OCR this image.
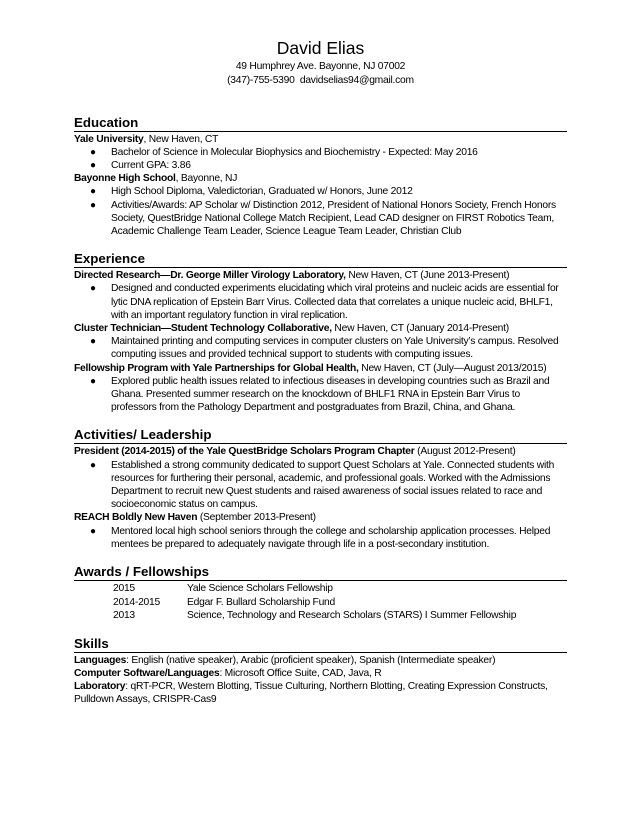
David Elias
49 Humphrey Ave. Bayonne, NJ 07002
(347)-755-5390 davidselias94@gmail.com
Education
Yale University, New Haven, CT
● Bachelor of Science in Molecular Biophysics and Biochemistry - Expected: May 2016
● Current GPA: 3.86
Bayonne High School, Bayonne, NJ
● High School Diploma, Valedictorian, Graduated w/ Honors, June 2012
● Activities/Awards: AP Scholar w/ Distinction 2012, President of National Honors Society, French Honors Society, QuestBridge National College Match Recipient, Lead CAD designer on FIRST Robotics Team, Academic Challenge Team Leader, Science League Team Leader, Christian Club
Experience
Directed Research—Dr. George Miller Virology Laboratory, New Haven, CT (June 2013-Present)
● Designed and conducted experiments elucidating which viral proteins and nucleic acids are essential for lytic DNA replication of Epstein Barr Virus. Collected data that correlates a unique nucleic acid, BHLF1, with an important regulatory function in viral replication.
Cluster Technician—Student Technology Collaborative, New Haven, CT (January 2014-Present)
● Maintained printing and computing services in computer clusters on Yale University’s campus. Resolved computing issues and provided technical support to students with computing issues.
Fellowship Program with Yale Partnerships for Global Health, New Haven, CT (July—August 2013/2015)
● Explored public health issues related to infectious diseases in developing countries such as Brazil and Ghana. Presented summer research on the knockdown of BHLF1 RNA in Epstein Barr Virus to professors from the Pathology Department and postgraduates from Brazil, China, and Ghana.
Activities/ Leadership
President (2014-2015) of the Yale QuestBridge Scholars Program Chapter (August 2012-Present)
● Established a strong community dedicated to support Quest Scholars at Yale. Connected students with resources for furthering their personal, academic, and professional goals. Worked with the Admissions Department to recruit new Quest students and raised awareness of social issues related to race and socioeconomic status on campus.
REACH Boldly New Haven (September 2013-Present)
● Mentored local high school seniors through the college and scholarship application processes. Helped mentees be prepared to adequately navigate through life in a post-secondary institution.
Awards / Fellowships
2015	Yale Science Scholars Fellowship
2014-2015	Edgar F. Bullard Scholarship Fund
2013	Science, Technology and Research Scholars (STARS) I Summer Fellowship
Skills
Languages: English (native speaker), Arabic (proficient speaker), Spanish (Intermediate speaker)
Computer Software/Languages: Microsoft Office Suite, CAD, Java, R
Laboratory: qRT-PCR, Western Blotting, Tissue Culturing, Northern Blotting, Creating Expression Constructs, Pulldown Assays, CRISPR-Cas9
